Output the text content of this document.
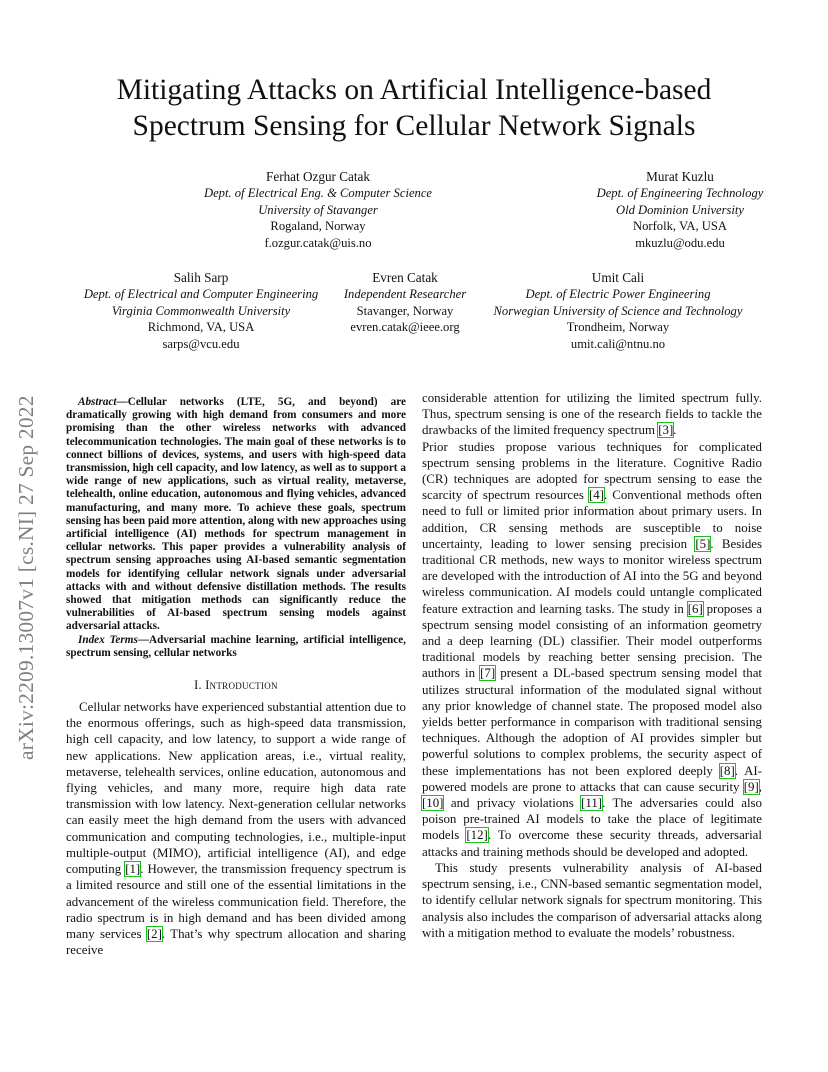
arXiv:2209.13007v1 [cs.NI] 27 Sep 2022
Mitigating Attacks on Artificial Intelligence-based
Spectrum Sensing for Cellular Network Signals
Ferhat Ozgur Catak
Dept. of Electrical Eng. & Computer Science
University of Stavanger
Rogaland, Norway
f.ozgur.catak@uis.no
Murat Kuzlu
Dept. of Engineering Technology
Old Dominion University
Norfolk, VA, USA
mkuzlu@odu.edu
Salih Sarp
Dept. of Electrical and Computer Engineering
Virginia Commonwealth University
Richmond, VA, USA
sarps@vcu.edu
Evren Catak
Independent Researcher
Stavanger, Norway
evren.catak@ieee.org
Umit Cali
Dept. of Electric Power Engineering
Norwegian University of Science and Technology
Trondheim, Norway
umit.cali@ntnu.no

Abstract—Cellular networks (LTE, 5G, and beyond) are dramatically growing with high demand from consumers and more promising than the other wireless networks with advanced telecommunication technologies. The main goal of these networks is to connect billions of devices, systems, and users with high-speed data transmission, high cell capacity, and low latency, as well as to support a wide range of new applications, such as virtual reality, metaverse, telehealth, online education, autonomous and flying vehicles, advanced manufacturing, and many more. To achieve these goals, spectrum sensing has been paid more attention, along with new approaches using artificial intelligence (AI) methods for spectrum management in cellular networks. This paper provides a vulnerability analysis of spectrum sensing approaches using AI-based semantic segmentation models for identifying cellular network signals under adversarial attacks with and without defensive distillation methods. The results showed that mitigation methods can significantly reduce the vulnerabilities of AI-based spectrum sensing models against adversarial attacks.

Index Terms—Adversarial machine learning, artificial intelligence, spectrum sensing, cellular networks

I. Introduction

Cellular networks have experienced substantial attention due to the enormous offerings, such as high-speed data transmission, high cell capacity, and low latency, to support a wide range of new applications. New application areas, i.e., virtual reality, metaverse, telehealth services, online education, autonomous and flying vehicles, and many more, require high data rate transmission with low latency. Next-generation cellular networks can easily meet the high demand from the users with advanced communication and computing technologies, i.e., multiple-input multiple-output (MIMO), artificial intelligence (AI), and edge computing [1]. However, the transmission frequency spectrum is a limited resource and still one of the essential limitations in the advancement of the wireless communication field. Therefore, the radio spectrum is in high demand and has been divided among many services [2]. That’s why spectrum allocation and sharing receive

considerable attention for utilizing the limited spectrum fully. Thus, spectrum sensing is one of the research fields to tackle the drawbacks of the limited frequency spectrum [3].

Prior studies propose various techniques for complicated spectrum sensing problems in the literature. Cognitive Radio (CR) techniques are adopted for spectrum sensing to ease the scarcity of spectrum resources [4]. Conventional methods often need to full or limited prior information about primary users. In addition, CR sensing methods are susceptible to noise uncertainty, leading to lower sensing precision [5]. Besides traditional CR methods, new ways to monitor wireless spectrum are developed with the introduction of AI into the 5G and beyond wireless communication. AI models could untangle complicated feature extraction and learning tasks. The study in [6] proposes a spectrum sensing model consisting of an information geometry and a deep learning (DL) classifier. Their model outperforms traditional models by reaching better sensing precision. The authors in [7] present a DL-based spectrum sensing model that utilizes structural information of the modulated signal without any prior knowledge of channel state. The proposed model also yields better performance in comparison with traditional sensing techniques. Although the adoption of AI provides simpler but powerful solutions to complex problems, the security aspect of these implementations has not been explored deeply [8]. AI-powered models are prone to attacks that can cause security [9], [10] and privacy violations [11]. The adversaries could also poison pre-trained AI models to take the place of legitimate models [12]. To overcome these security threads, adversarial attacks and training methods should be developed and adopted.

This study presents vulnerability analysis of AI-based spectrum sensing, i.e., CNN-based semantic segmentation model, to identify cellular network signals for spectrum monitoring. This analysis also includes the comparison of adversarial attacks along with a mitigation method to evaluate the models’ robustness.
